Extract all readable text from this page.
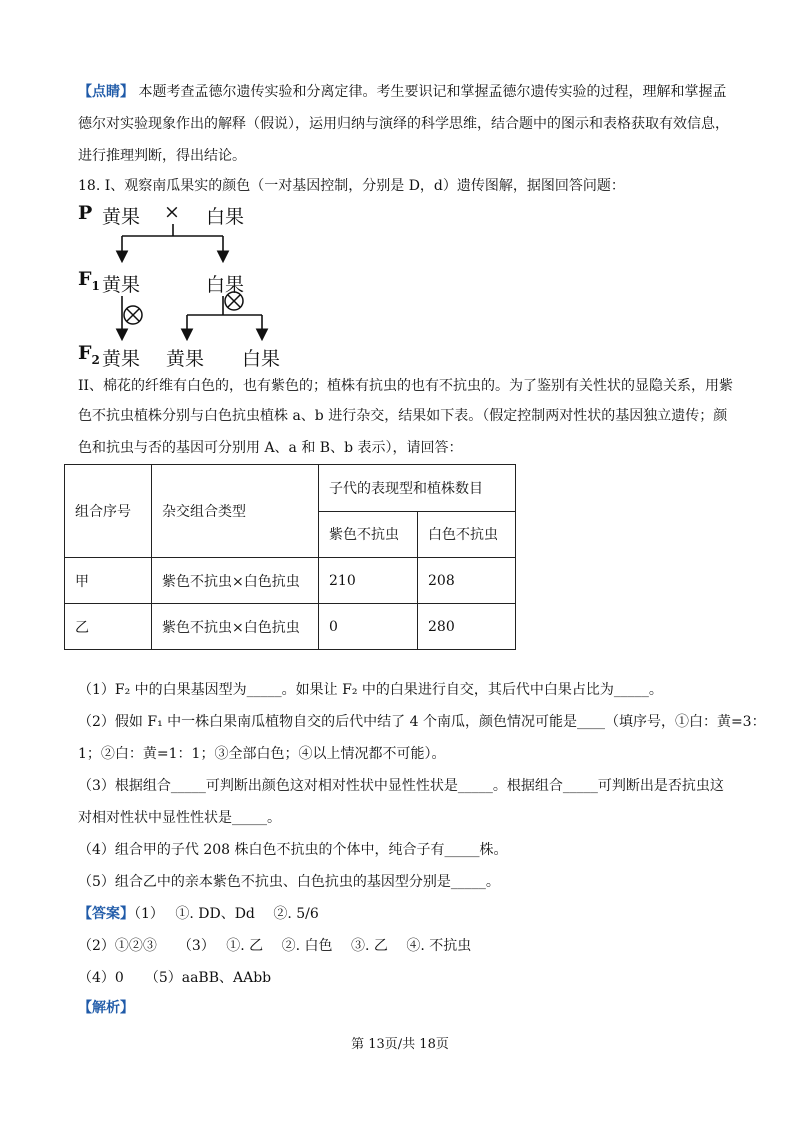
【点睛】 本题考查孟德尔遗传实验和分离定律。考生要识记和掌握孟德尔遗传实验的过程，理解和掌握孟
德尔对实验现象作出的解释（假说），运用归纳与演绎的科学思维，结合题中的图示和表格获取有效信息，
进行推理判断，得出结论。
18. I、观察南瓜果实的颜色（一对基因控制，分别是 D，d）遗传图解，据图回答问题：
P 黄果 × 白果
$F_1$ 黄果	白果
$F_2$ 黄果 黄果 白果
II、棉花的纤维有白色的，也有紫色的；植株有抗虫的也有不抗虫的。为了鉴别有关性状的显隐关系，用紫
色不抗虫植株分别与白色抗虫植株 a、b 进行杂交，结果如下表。（假定控制两对性状的基因独立遗传；颜
色和抗虫与否的基因可分别用 A、a 和 B、b 表示），请回答：
组合序号	杂交组合类型	子代的表现型和植株数目	
		紫色不抗虫	白色不抗虫
甲	紫色不抗虫×白色抗虫	210	208
乙	紫色不抗虫×白色抗虫	0	280
（1）F₂ 中的白果基因型为_____。如果让 F₂ 中的白果进行自交，其后代中白果占比为_____。
（2）假如 F₁ 中一株白果南瓜植物自交的后代中结了 4 个南瓜，颜色情况可能是____（填序号，①白：黄=3：
1；②白：黄=1：1；③全部白色；④以上情况都不可能）。
（3）根据组合_____可判断出颜色这对相对性状中显性性状是_____。根据组合_____可判断出是否抗虫这
对相对性状中显性性状是_____。
（4）组合甲的子代 208 株白色不抗虫的个体中，纯合子有_____株。
（5）组合乙中的亲本紫色不抗虫、白色抗虫的基因型分别是_____。
【答案】（1）　 ①. DD、Dd　 ②. 5/6
（2）①②③　　（3）　 ①. 乙　 ②. 白色　 ③. 乙　 ④. 不抗虫
（4）0　　（5）aaBB、AAbb
【解析】
第 13页/共 18页
